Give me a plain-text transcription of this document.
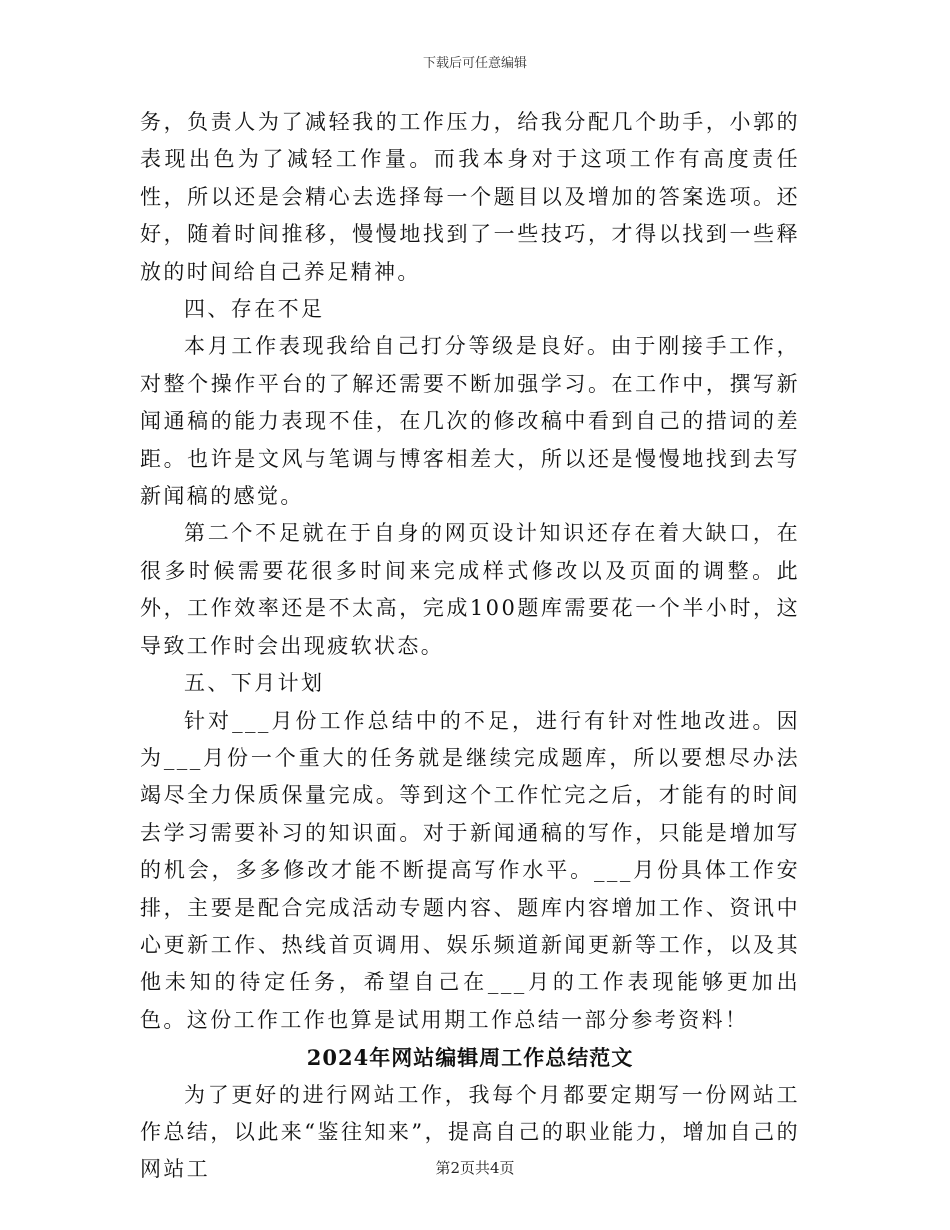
下载后可任意编辑

务，负责人为了减轻我的工作压力，给我分配几个助手，小郭的表现出色为了减轻工作量。而我本身对于这项工作有高度责任性，所以还是会精心去选择每一个题目以及增加的答案选项。还好，随着时间推移，慢慢地找到了一些技巧，才得以找到一些释放的时间给自己养足精神。

四、存在不足

本月工作表现我给自己打分等级是良好。由于刚接手工作，对整个操作平台的了解还需要不断加强学习。在工作中，撰写新闻通稿的能力表现不佳，在几次的修改稿中看到自己的措词的差距。也许是文风与笔调与博客相差大，所以还是慢慢地找到去写新闻稿的感觉。

第二个不足就在于自身的网页设计知识还存在着大缺口，在很多时候需要花很多时间来完成样式修改以及页面的调整。此外，工作效率还是不太高，完成100题库需要花一个半小时，这导致工作时会出现疲软状态。

五、下月计划

针对___月份工作总结中的不足，进行有针对性地改进。因为___月份一个重大的任务就是继续完成题库，所以要想尽办法竭尽全力保质保量完成。等到这个工作忙完之后，才能有的时间去学习需要补习的知识面。对于新闻通稿的写作，只能是增加写的机会，多多修改才能不断提高写作水平。___月份具体工作安排，主要是配合完成活动专题内容、题库内容增加工作、资讯中心更新工作、热线首页调用、娱乐频道新闻更新等工作，以及其他未知的待定任务，希望自己在___月的工作表现能够更加出色。这份工作工作也算是试用期工作总结一部分参考资料！

2024年网站编辑周工作总结范文

为了更好的进行网站工作，我每个月都要定期写一份网站工作总结，以此来“鉴往知来”，提高自己的职业能力，增加自己的网站工	第2页共4页
